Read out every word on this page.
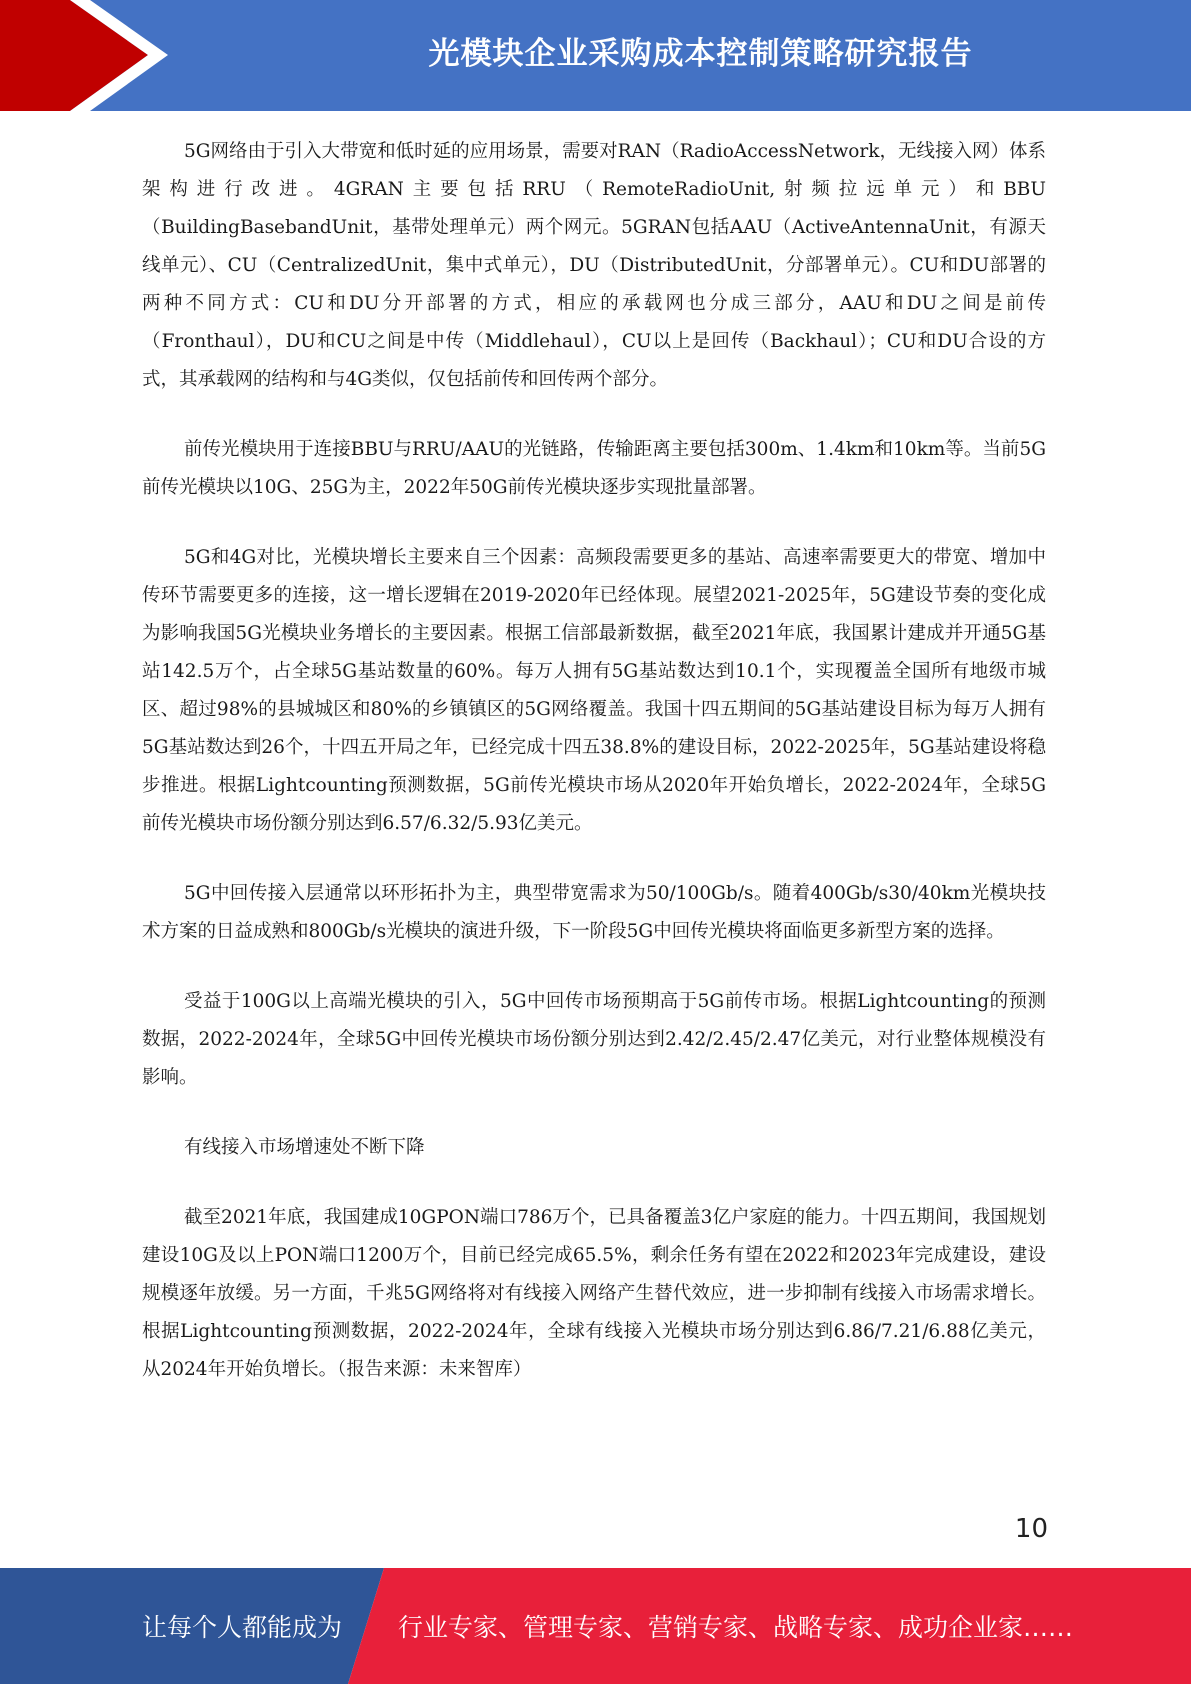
光模块企业采购成本控制策略研究报告

5G网络由于引入大带宽和低时延的应用场景，需要对RAN（RadioAccessNetwork，无线接入网）体系架构进行改进。4GRAN主要包括RRU（RemoteRadioUnit,射频拉远单元）和BBU（BuildingBasebandUnit，基带处理单元）两个网元。5GRAN包括AAU（ActiveAntennaUnit，有源天线单元）、CU（CentralizedUnit，集中式单元），DU（DistributedUnit，分部署单元）。CU和DU部署的两种不同方式：CU和DU分开部署的方式，相应的承载网也分成三部分，AAU和DU之间是前传（Fronthaul），DU和CU之间是中传（Middlehaul），CU以上是回传（Backhaul）；CU和DU合设的方式，其承载网的结构和与4G类似，仅包括前传和回传两个部分。

前传光模块用于连接BBU与RRU/AAU的光链路，传输距离主要包括300m、1.4km和10km等。当前5G前传光模块以10G、25G为主，2022年50G前传光模块逐步实现批量部署。

5G和4G对比，光模块增长主要来自三个因素：高频段需要更多的基站、高速率需要更大的带宽、增加中传环节需要更多的连接，这一增长逻辑在2019-2020年已经体现。展望2021-2025年，5G建设节奏的变化成为影响我国5G光模块业务增长的主要因素。根据工信部最新数据，截至2021年底，我国累计建成并开通5G基站142.5万个，占全球5G基站数量的60%。每万人拥有5G基站数达到10.1个，实现覆盖全国所有地级市城区、超过98%的县城城区和80%的乡镇镇区的5G网络覆盖。我国十四五期间的5G基站建设目标为每万人拥有5G基站数达到26个，十四五开局之年，已经完成十四五38.8%的建设目标，2022-2025年，5G基站建设将稳步推进。根据Lightcounting预测数据，5G前传光模块市场从2020年开始负增长，2022-2024年，全球5G前传光模块市场份额分别达到6.57/6.32/5.93亿美元。

5G中回传接入层通常以环形拓扑为主，典型带宽需求为50/100Gb/s。随着400Gb/s30/40km光模块技术方案的日益成熟和800Gb/s光模块的演进升级，下一阶段5G中回传光模块将面临更多新型方案的选择。

受益于100G以上高端光模块的引入，5G中回传市场预期高于5G前传市场。根据Lightcounting的预测数据，2022-2024年，全球5G中回传光模块市场份额分别达到2.42/2.45/2.47亿美元，对行业整体规模没有影响。

有线接入市场增速处不断下降

截至2021年底，我国建成10GPON端口786万个，已具备覆盖3亿户家庭的能力。十四五期间，我国规划建设10G及以上PON端口1200万个，目前已经完成65.5%，剩余任务有望在2022和2023年完成建设，建设规模逐年放缓。另一方面，千兆5G网络将对有线接入网络产生替代效应，进一步抑制有线接入市场需求增长。根据Lightcounting预测数据，2022-2024年，全球有线接入光模块市场分别达到6.86/7.21/6.88亿美元，从2024年开始负增长。（报告来源：未来智库）

10
让每个人都能成为 行业专家、管理专家、营销专家、战略专家、成功企业家……
